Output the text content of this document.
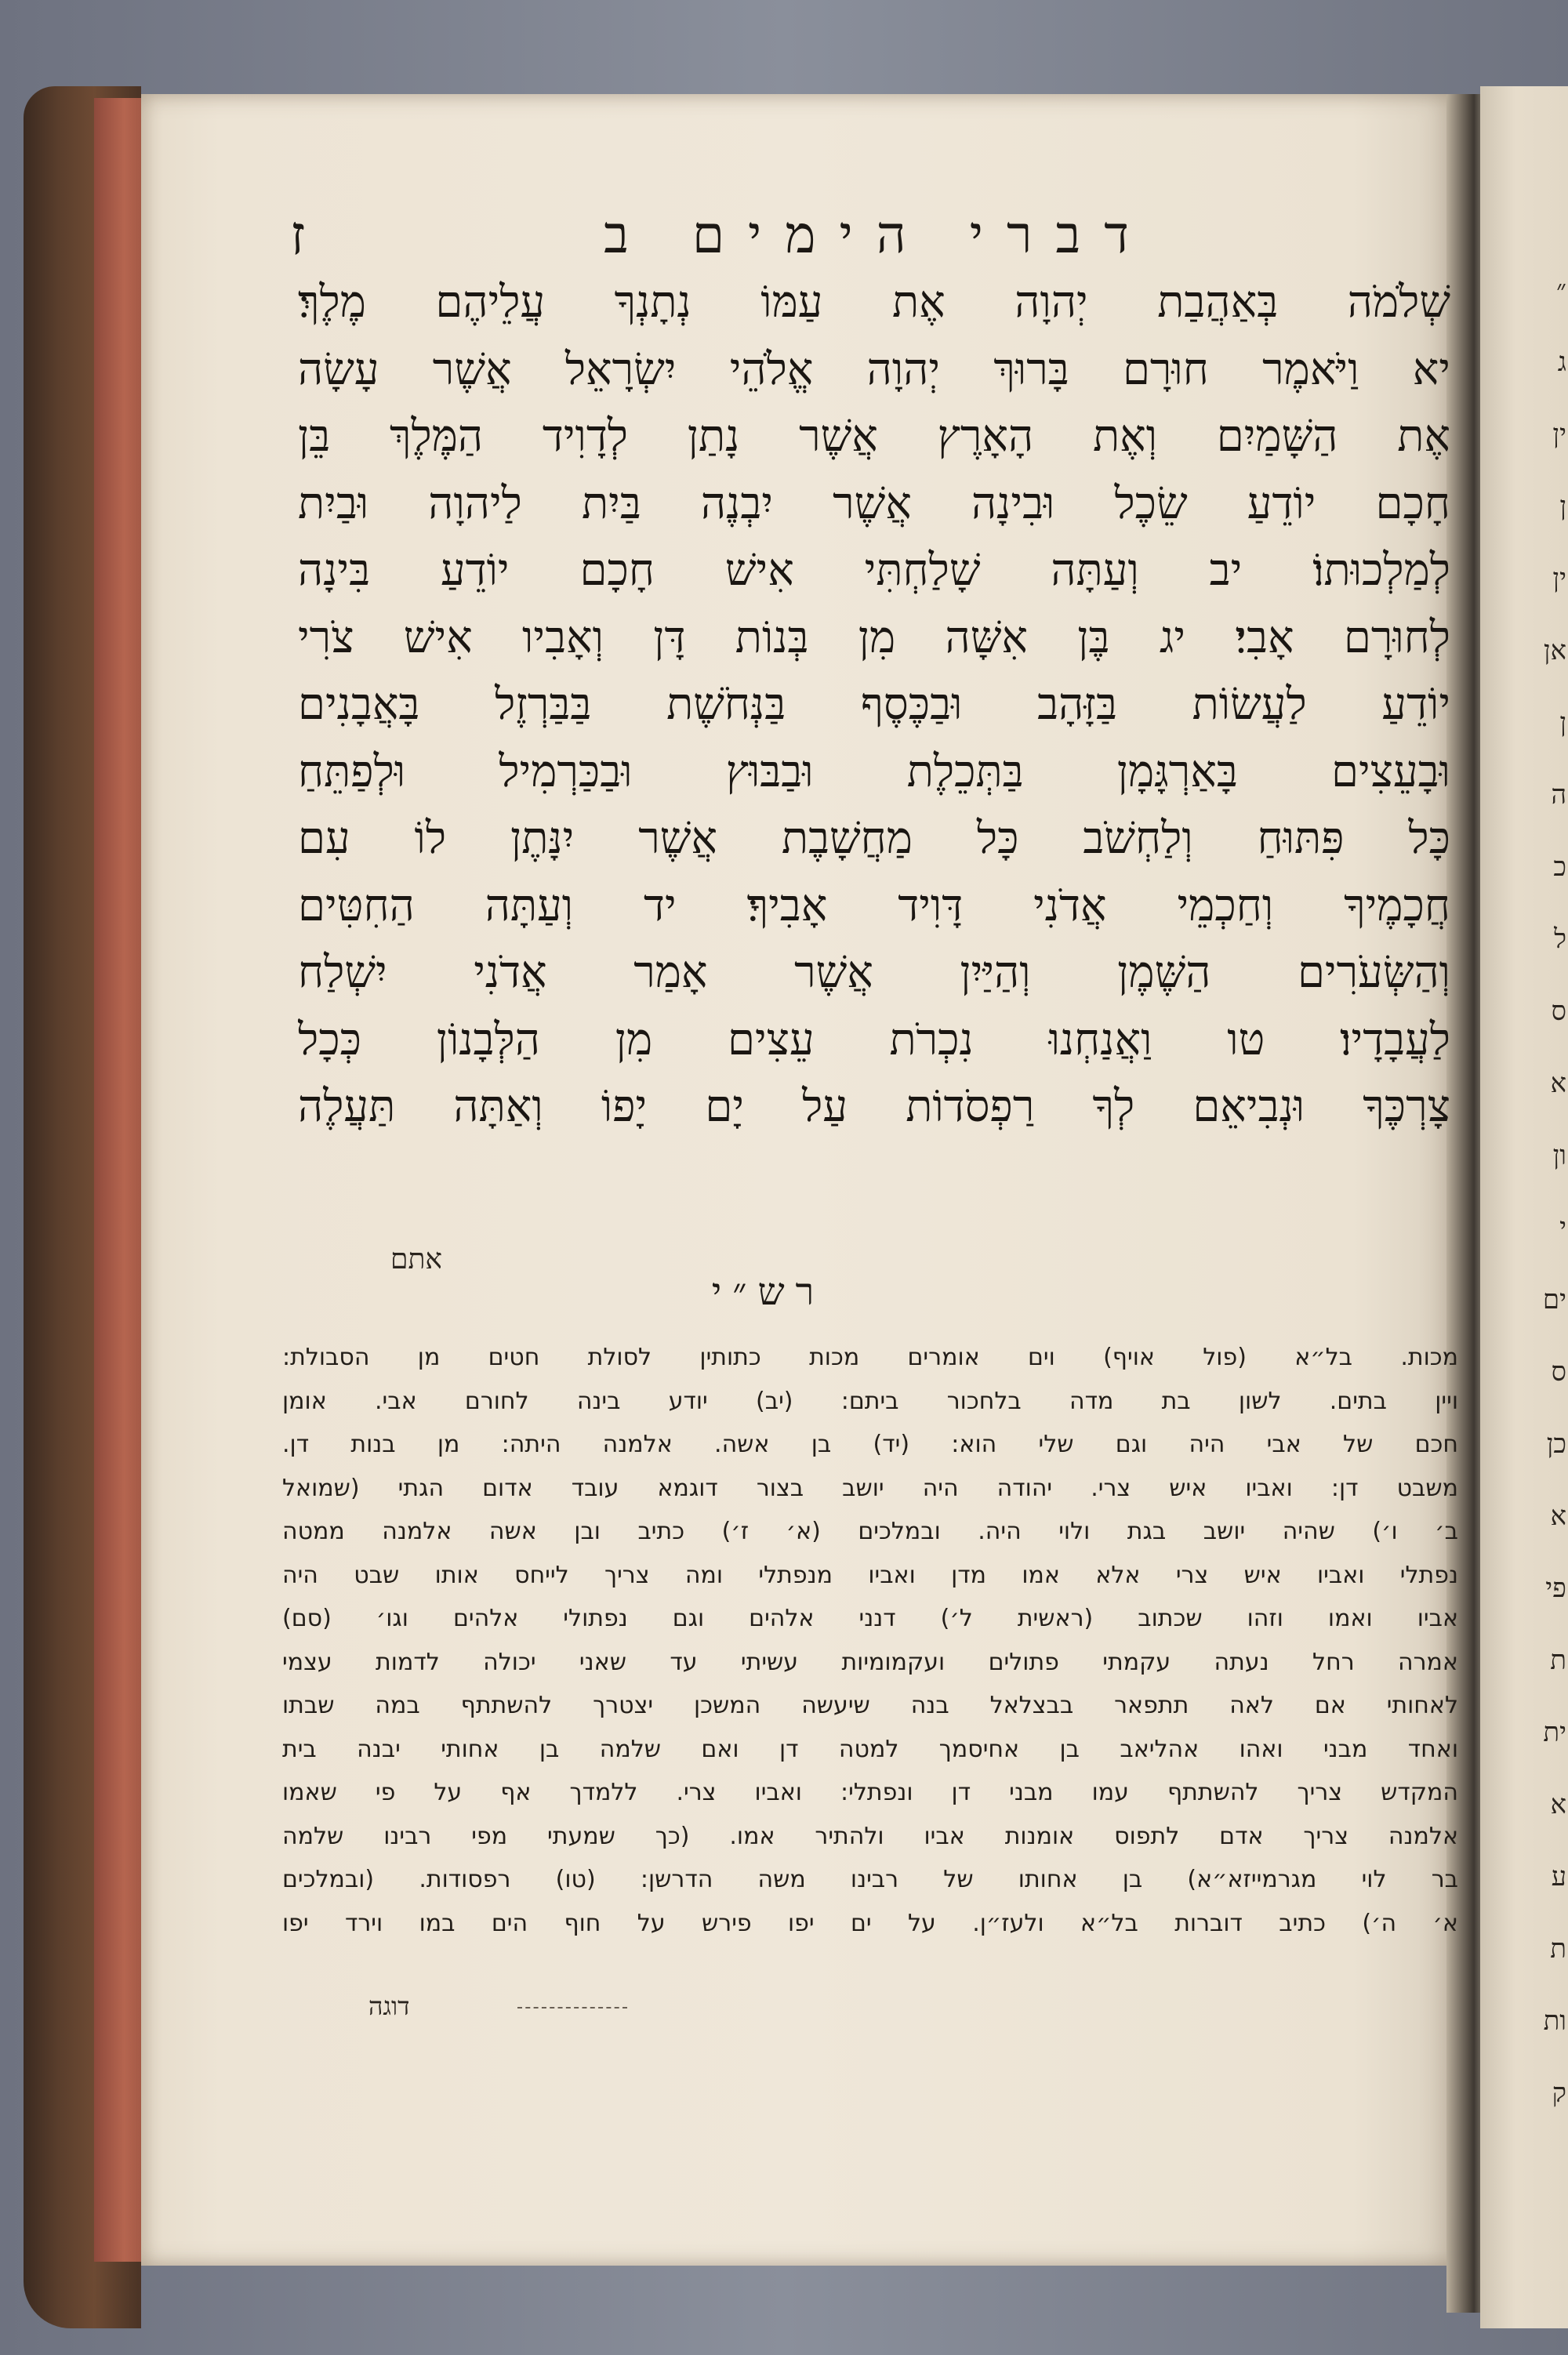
ז	דברי הימים ב
שְׁלֹמֹה בְּאַהֲבַת יְהוָה אֶת עַמּוֹ נְתָנְךָ עֲלֵיהֶם מֶלֶךְ׃
יא וַיֹּאמֶר חוּרָם בָּרוּךְ יְהוָה אֱלֹהֵי יִשְׂרָאֵל אֲשֶׁר עָשָׂה
אֶת הַשָּׁמַיִם וְאֶת הָאָרֶץ אֲשֶׁר נָתַן לְדָוִיד הַמֶּלֶךְ בֵּן
חָכָם יוֹדֵעַ שֵׂכֶל וּבִינָה אֲשֶׁר יִבְנֶה בַּיִת לַיהוָה וּבַיִת
לְמַלְכוּתוֹ׃ יב וְעַתָּה שָׁלַחְתִּי אִישׁ חָכָם יוֹדֵעַ בִּינָה
לְחוּרָם אָבִי׃ יג בֶּן אִשָּׁה מִן בְּנוֹת דָּן וְאָבִיו אִישׁ צֹרִי
יוֹדֵעַ לַעֲשׂוֹת בַּזָּהָב וּבַכֶּסֶף בַּנְּחֹשֶׁת בַּבַּרְזֶל בָּאֲבָנִים
וּבָעֵצִים בָּאַרְגָּמָן בַּתְּכֵלֶת וּבַבּוּץ וּבַכַּרְמִיל וּלְפַתֵּחַ
כָּל פִּתּוּחַ וְלַחְשֹׁב כָּל מַחֲשָׁבֶת אֲשֶׁר יִנָּתֶן לוֹ עִם
חֲכָמֶיךָ וְחַכְמֵי אֲדֹנִי דָּוִיד אָבִיךָ׃ יד וְעַתָּה הַחִטִּים
וְהַשְּׂעֹרִים הַשֶּׁמֶן וְהַיַּיִן אֲשֶׁר אָמַר אֲדֹנִי יִשְׁלַח
לַעֲבָדָיו׃ טו וַאֲנַחְנוּ נִכְרֹת עֵצִים מִן הַלְּבָנוֹן כְּכָל
צָרְכֶּךָ וּנְבִיאֵם לְךָ רַפְסֹדוֹת עַל יָם יָפוֹ וְאַתָּה תַּעֲלֶה
אתם
רש״י
מכות. בל״א (פול אויף) וים אומרים מכות כתותין לסולת חטים מן הסבולת:
ויין בתים. לשון בת מדה בלחכור ביתם: (יב) יודע בינה לחורם אבי. אומן
חכם של אבי היה וגם שלי הוא: (יד) בן אשה. אלמנה היתה: מן בנות דן.
משבט דן: ואביו איש צרי. יהודה היה יושב בצור דוגמא עובד אדום הגתי (שמואל
ב׳ ו׳) שהיה יושב בגת ולוי היה. ובמלכים (א׳ ז׳) כתיב ובן אשה אלמנה ממטה
נפתלי ואביו איש צרי אלא אמו מדן ואביו מנפתלי ומה צריך לייחס אותו שבט היה
אביו ואמו וזהו שכתוב (ראשית ל׳) דנני אלהים וגם נפתולי אלהים וגו׳ (סם)
אמרה רחל נעתה עקמתי פתולים ועקמומיות עשיתי עד שאני יכולה לדמות עצמי
לאחותי אם לאה תתפאר בבצלאל בנה שיעשה המשכן יצטרך להשתתף במה שבתו
ואחד מבני ואהו אהליאב בן אחיסמך למטה דן ואם שלמה בן אחותי יבנה בית
המקדש צריך להשתתף עמו מבני דן ונפתלי: ואביו צרי. ללמדך אף על פי שאמו
אלמנה צריך אדם לתפוס אומנות אביו ולהתיר אמו. (כך שמעתי מפי רבינו שלמה
בר לוי מגרמייזא״א) בן אחותו של רבינו משה הדרשן: (טו) רפסודות. (ובמלכים
א׳ ה׳) כתיב דוברות בל״א ולעז״ן. על ים יפו פירש על חוף הים במו וירד יפו
דוגה
״
ג
ין
ן
ין
אן
ן
ה
כ
ל
ס
א
ון
י
ים
ס
כן
א
פי
ת
ית
א
ע
ת
ות
ק
